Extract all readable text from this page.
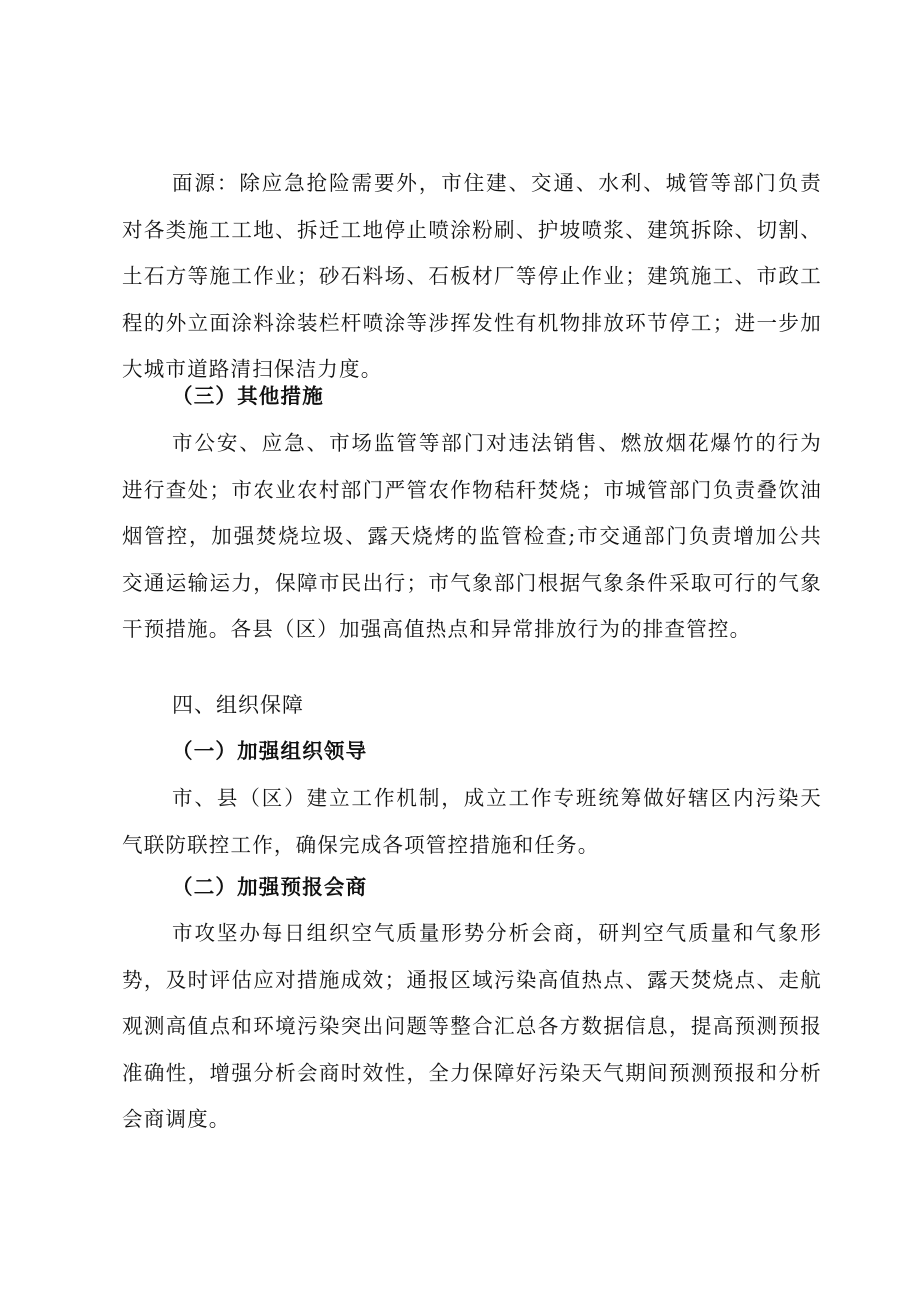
面源：除应急抢险需要外，市住建、交通、水利、城管等部门负责对各类施工工地、拆迁工地停止喷涂粉刷、护坡喷浆、建筑拆除、切割、土石方等施工作业；砂石料场、石板材厂等停止作业；建筑施工、市政工程的外立面涂料涂装栏杆喷涂等涉挥发性有机物排放环节停工；进一步加大城市道路清扫保洁力度。

（三）其他措施

市公安、应急、市场监管等部门对违法销售、燃放烟花爆竹的行为进行查处；市农业农村部门严管农作物秸秆焚烧；市城管部门负责叠饮油烟管控，加强焚烧垃圾、露天烧烤的监管检查;市交通部门负责增加公共交通运输运力，保障市民出行；市气象部门根据气象条件采取可行的气象干预措施。各县（区）加强高值热点和异常排放行为的排查管控。

四、组织保障

（一）加强组织领导

市、县（区）建立工作机制，成立工作专班统筹做好辖区内污染天气联防联控工作，确保完成各项管控措施和任务。

（二）加强预报会商

市攻坚办每日组织空气质量形势分析会商，研判空气质量和气象形势，及时评估应对措施成效；通报区域污染高值热点、露天焚烧点、走航观测高值点和环境污染突出问题等整合汇总各方数据信息，提高预测预报准确性，增强分析会商时效性，全力保障好污染天气期间预测预报和分析会商调度。
